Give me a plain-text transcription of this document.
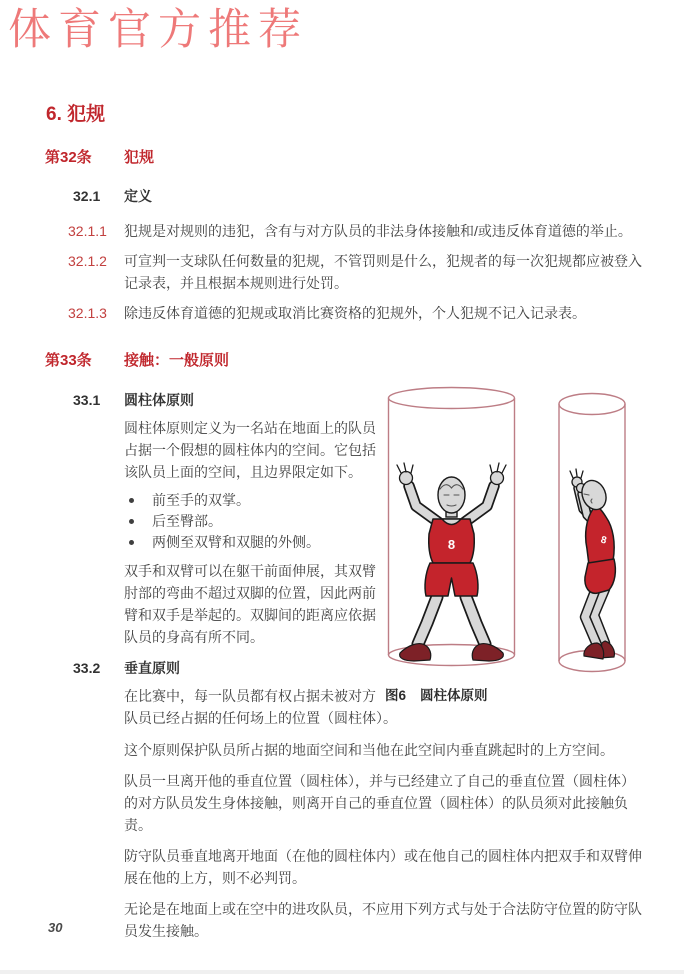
体育官方推荐
6. 犯规
第32条	犯规
32.1	定义
32.1.1	犯规是对规则的违犯，含有与对方队员的非法身体接触和/或违反体育道德的举止。
32.1.2	可宣判一支球队任何数量的犯规，不管罚则是什么，犯规者的每一次犯规都应被登入记录表，并且根据本规则进行处罚。
32.1.3	除违反体育道德的犯规或取消比赛资格的犯规外，个人犯规不记入记录表。
第33条	接触：一般原则
8	8
图6 圆柱体原则
33.1 圆柱体原则

圆柱体原则定义为一名站在地面上的队员占据一个假想的圆柱体内的空间。它包括该队员上面的空间，且边界限定如下。

前至手的双掌。
后至臀部。
两侧至双臂和双腿的外侧。

双手和双臂可以在躯干前面伸展，其双臂肘部的弯曲不超过双脚的位置，因此两前臂和双手是举起的。双脚间的距离应依据队员的身高有所不同。

33.2 垂直原则

在比赛中，每一队员都有权占据未被对方队员已经占据的任何场上的位置（圆柱体）。

这个原则保护队员所占据的地面空间和当他在此空间内垂直跳起时的上方空间。

队员一旦离开他的垂直位置（圆柱体），并与已经建立了自己的垂直位置（圆柱体）的对方队员发生身体接触，则离开自己的垂直位置（圆柱体）的队员须对此接触负责。

防守队员垂直地离开地面（在他的圆柱体内）或在他自己的圆柱体内把双手和双臂伸展在他的上方，则不必判罚。

无论是在地面上或在空中的进攻队员，不应用下列方式与处于合法防守位置的防守队员发生接触。

30
